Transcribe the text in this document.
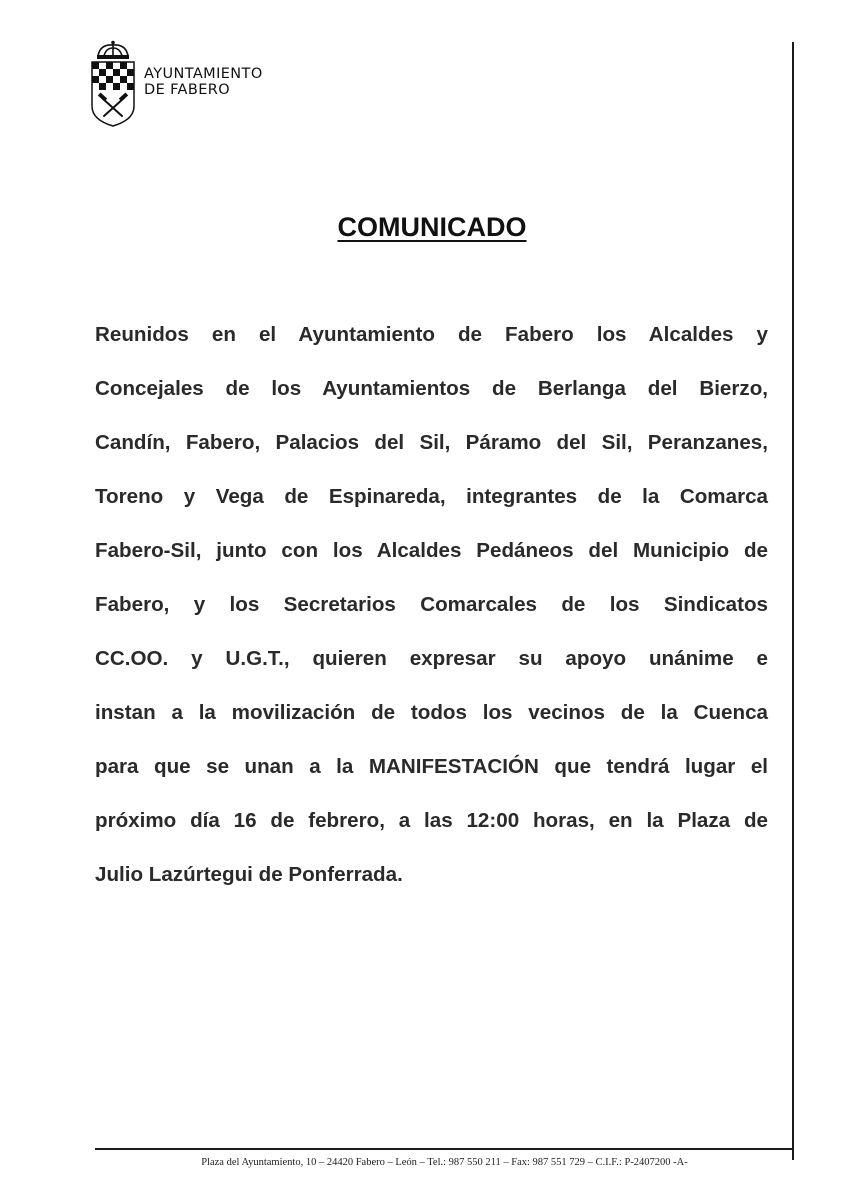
AYUNTAMIENTO
DE FABERO
COMUNICADO
Reunidos en el Ayuntamiento de Fabero los Alcaldes y
Concejales de los Ayuntamientos de Berlanga del Bierzo,
Candín, Fabero, Palacios del Sil, Páramo del Sil, Peranzanes,
Toreno y Vega de Espinareda, integrantes de la Comarca
Fabero-Sil, junto con los Alcaldes Pedáneos del Municipio de
Fabero, y los Secretarios Comarcales de los Sindicatos
CC.OO. y U.G.T., quieren expresar su apoyo unánime e
instan a la movilización de todos los vecinos de la Cuenca
para que se unan a la MANIFESTACIÓN que tendrá lugar el
próximo día 16 de febrero, a las 12:00 horas, en la Plaza de
Julio Lazúrtegui de Ponferrada.
Plaza del Ayuntamiento, 10 – 24420 Fabero – León – Tel.: 987 550 211 – Fax: 987 551 729 – C.I.F.: P-2407200 -A-
